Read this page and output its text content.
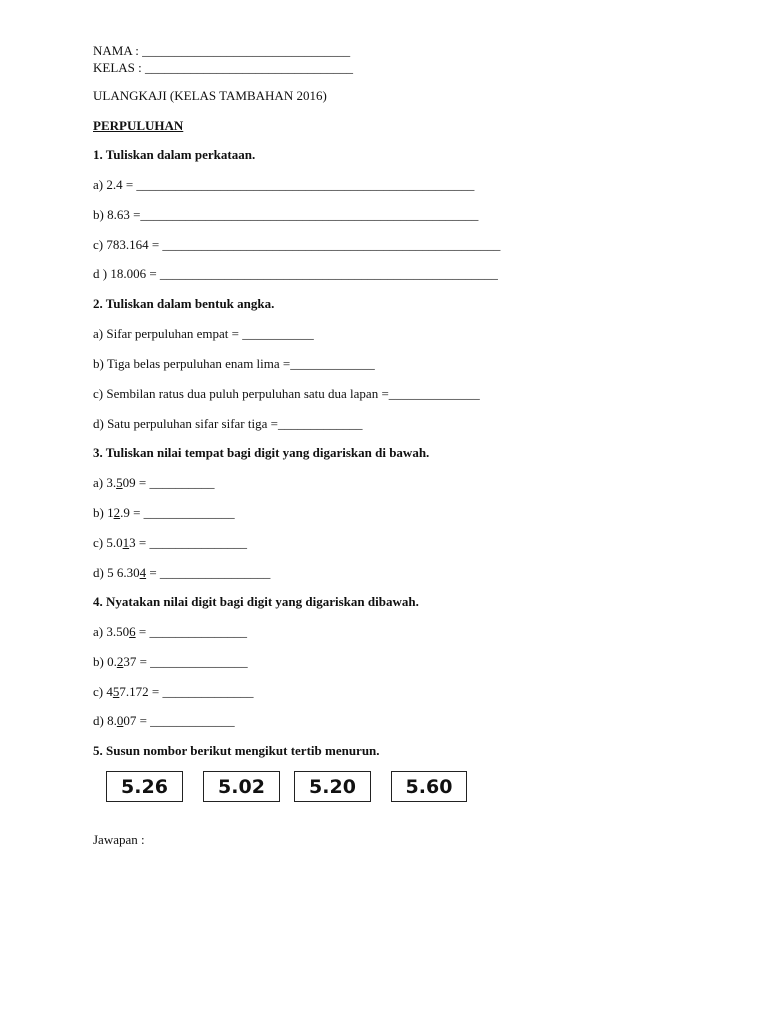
NAMA : ________________________________
KELAS : ________________________________
ULANGKAJI (KELAS TAMBAHAN 2016)
PERPULUHAN
1. Tuliskan dalam perkataan.
a) 2.4 = ____________________________________________________
b) 8.63 =____________________________________________________
c) 783.164 = ____________________________________________________
d ) 18.006 = ____________________________________________________
2. Tuliskan dalam bentuk angka.
a) Sifar perpuluhan empat = ___________
b) Tiga belas perpuluhan enam lima =_____________
c) Sembilan ratus dua puluh perpuluhan satu dua lapan =______________
d) Satu perpuluhan sifar sifar tiga =_____________
3. Tuliskan nilai tempat bagi digit yang digariskan di bawah.
a) 3.509 = __________
b) 12.9 = ______________
c) 5.013 = _______________
d) 5 6.304 = _________________
4. Nyatakan nilai digit bagi digit yang digariskan dibawah.
a) 3.506 = _______________
b) 0.237 = _______________
c) 457.172 = ______________
d) 8.007 = _____________
5. Susun nombor berikut mengikut tertib menurun.
5.26	5.02	5.20	5.60
Jawapan :
